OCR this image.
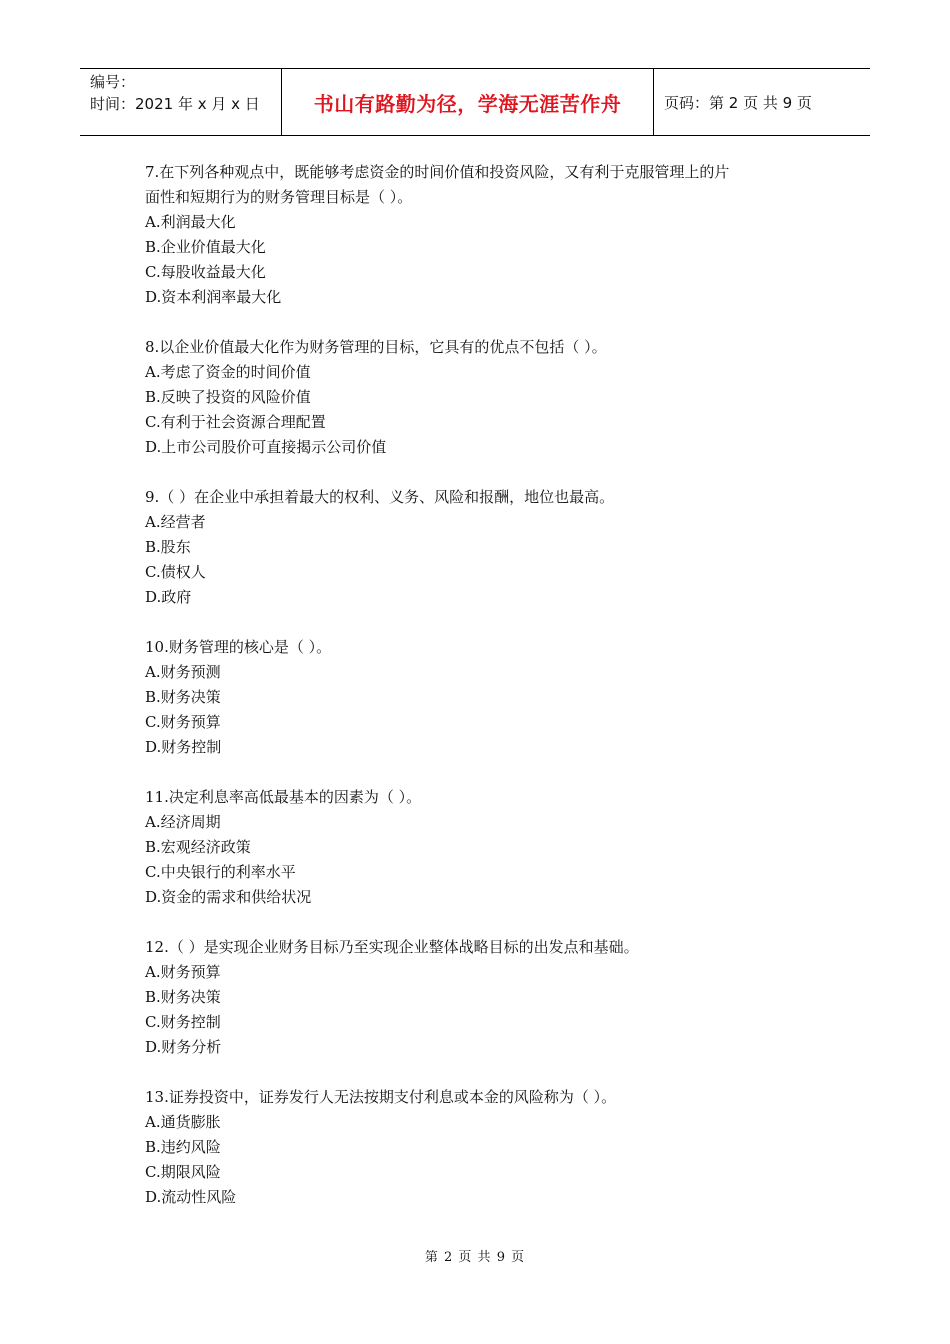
编号：
时间：2021 年 x 月 x 日	书山有路勤为径，学海无涯苦作舟	页码：第 2 页 共 9 页

7.在下列各种观点中，既能够考虑资金的时间价值和投资风险，又有利于克服管理上的片

面性和短期行为的财务管理目标是（ ）。

A.利润最大化

B.企业价值最大化

C.每股收益最大化

D.资本利润率最大化

8.以企业价值最大化作为财务管理的目标，它具有的优点不包括（ ）。

A.考虑了资金的时间价值

B.反映了投资的风险价值

C.有利于社会资源合理配置

D.上市公司股价可直接揭示公司价值

9.（ ）在企业中承担着最大的权利、义务、风险和报酬，地位也最高。

A.经营者

B.股东

C.债权人

D.政府

10.财务管理的核心是（ ）。

A.财务预测

B.财务决策

C.财务预算

D.财务控制

11.决定利息率高低最基本的因素为（ ）。

A.经济周期

B.宏观经济政策

C.中央银行的利率水平

D.资金的需求和供给状况

12.（ ）是实现企业财务目标乃至实现企业整体战略目标的出发点和基础。

A.财务预算

B.财务决策

C.财务控制

D.财务分析

13.证券投资中，证券发行人无法按期支付利息或本金的风险称为（ ）。

A.通货膨胀

B.违约风险

C.期限风险

D.流动性风险

第 2 页 共 9 页
